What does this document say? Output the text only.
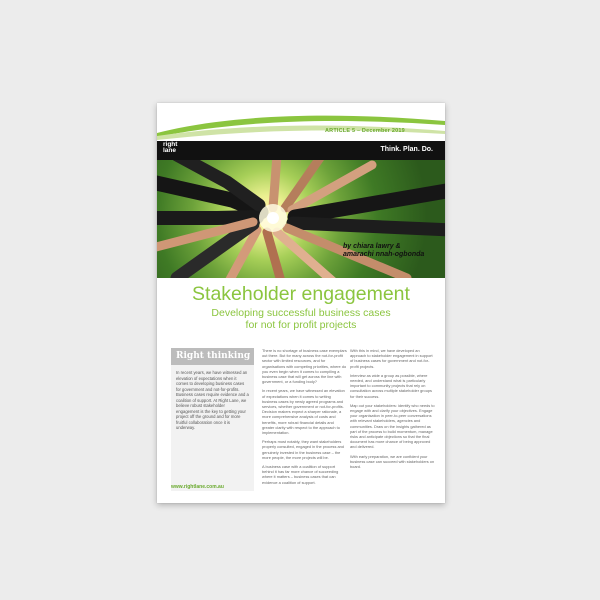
ARTICLE 5 – December 2019
right
lane	Think. Plan. Do.
by chiara lawry &
amarachi nnah-ogbonda
Stakeholder engagement
Developing successful business cases
for not for profit projects
Right thinking
In recent years, we have witnessed an elevation of expectations when it comes to developing business cases for government and not-for-profits. Business cases require evidence and a coalition of support. At Right Lane, we believe robust stakeholder engagement is the key to getting your project off the ground and for more fruitful collaboration once it is underway.

There is no shortage of business case exemplars out there. But for many across the not-for-profit sector with limited resources, and for organisations with competing priorities, where do you even begin when it comes to compiling a business case that will get across the line with government, or a funding body?

In recent years, we have witnessed an elevation of expectations when it comes to writing business cases by newly agreed programs and services, whether government or not-for-profits. Decision makers expect a sharper rationale, a more comprehensive analysis of costs and benefits, more robust financial details and greater clarity with respect to the approach to implementation.

Perhaps most notably, they want stakeholders properly consulted, engaged in the process and genuinely invested in the business case – the more people, the more projects will be.

A business case with a coalition of support behind it has far more chance of succeeding where it matters – business cases that can evidence a coalition of support.

With this in mind, we have developed an approach to stakeholder engagement in support of business cases for government and not-for-profit projects.

Interview as wide a group as possible, where needed, and understand what is particularly important to community projects that rely on consultation across multiple stakeholder groups for their success.

Map out your stakeholders: identify who needs to engage with and clarify your objectives. Engage your organisation in peer-to-peer conversations with relevant stakeholders, agencies and communities. Draw on the insights gathered as part of the process to build momentum, manage risks and anticipate objections so that the final document has more chance of being approved and delivered.

With early preparation, we are confident your business case can succeed with stakeholders on board.

www.rightlane.com.au
